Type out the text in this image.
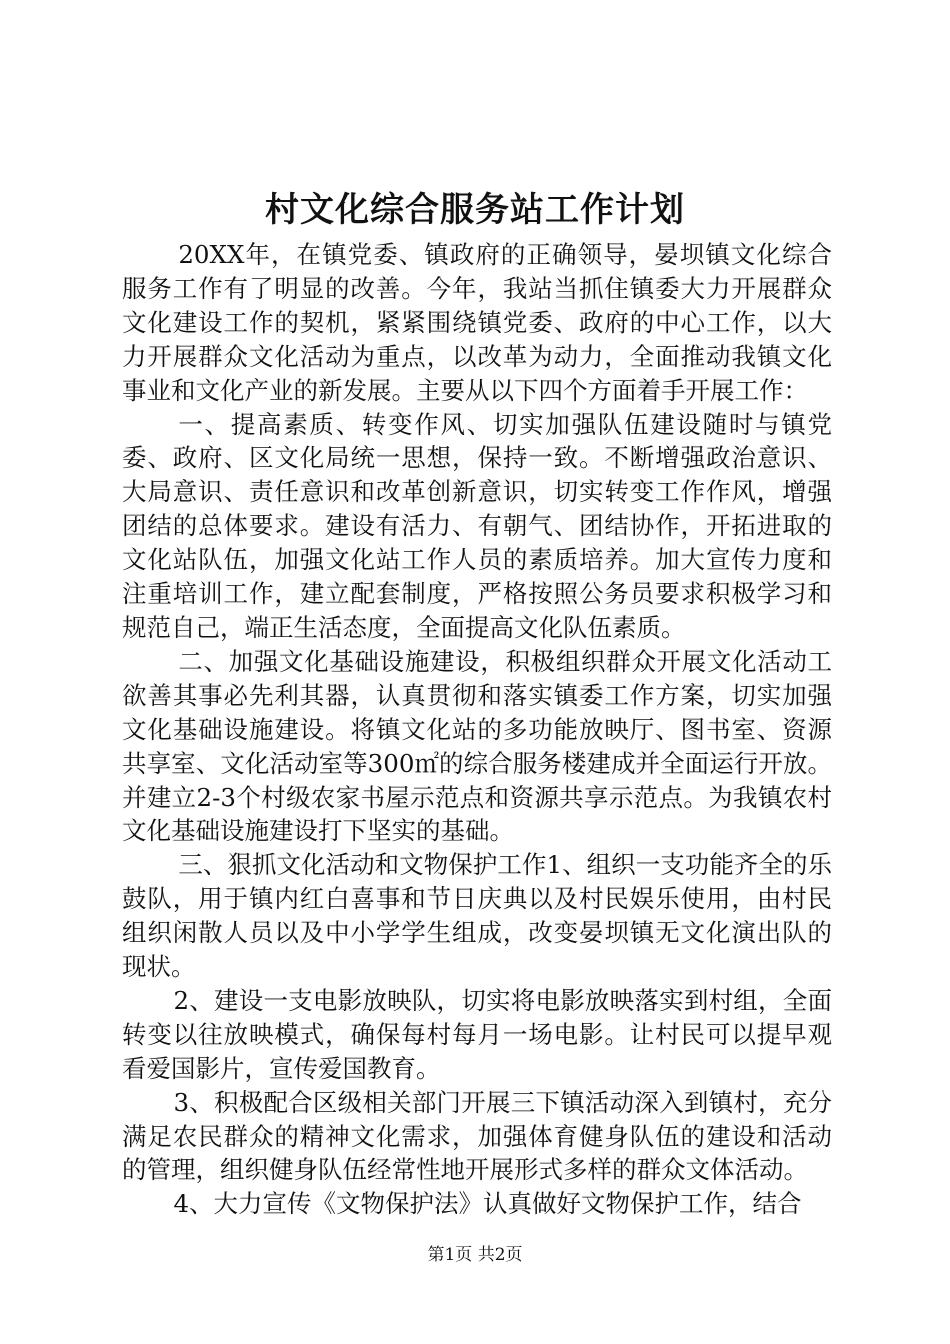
村文化综合服务站工作计划

20XX年，在镇党委、镇政府的正确领导，晏坝镇文化综合服务工作有了明显的改善。今年，我站当抓住镇委大力开展群众文化建设工作的契机，紧紧围绕镇党委、政府的中心工作，以大力开展群众文化活动为重点，以改革为动力，全面推动我镇文化事业和文化产业的新发展。主要从以下四个方面着手开展工作：

一、提高素质、转变作风、切实加强队伍建设随时与镇党委、政府、区文化局统一思想，保持一致。不断增强政治意识、大局意识、责任意识和改革创新意识，切实转变工作作风，增强团结的总体要求。建设有活力、有朝气、团结协作，开拓进取的文化站队伍，加强文化站工作人员的素质培养。加大宣传力度和注重培训工作，建立配套制度，严格按照公务员要求积极学习和规范自己，端正生活态度，全面提高文化队伍素质。

二、加强文化基础设施建设，积极组织群众开展文化活动工欲善其事必先利其器，认真贯彻和落实镇委工作方案，切实加强文化基础设施建设。将镇文化站的多功能放映厅、图书室、资源共享室、文化活动室等300㎡的综合服务楼建成并全面运行开放。并建立2-3个村级农家书屋示范点和资源共享示范点。为我镇农村文化基础设施建设打下坚实的基础。

三、狠抓文化活动和文物保护工作1、组织一支功能齐全的乐鼓队，用于镇内红白喜事和节日庆典以及村民娱乐使用，由村民组织闲散人员以及中小学学生组成，改变晏坝镇无文化演出队的现状。

2、建设一支电影放映队，切实将电影放映落实到村组，全面转变以往放映模式，确保每村每月一场电影。让村民可以提早观看爱国影片，宣传爱国教育。

3、积极配合区级相关部门开展三下镇活动深入到镇村，充分满足农民群众的精神文化需求，加强体育健身队伍的建设和活动的管理，组织健身队伍经常性地开展形式多样的群众文体活动。

4、大力宣传《文物保护法》认真做好文物保护工作，结合

第1页 共2页
